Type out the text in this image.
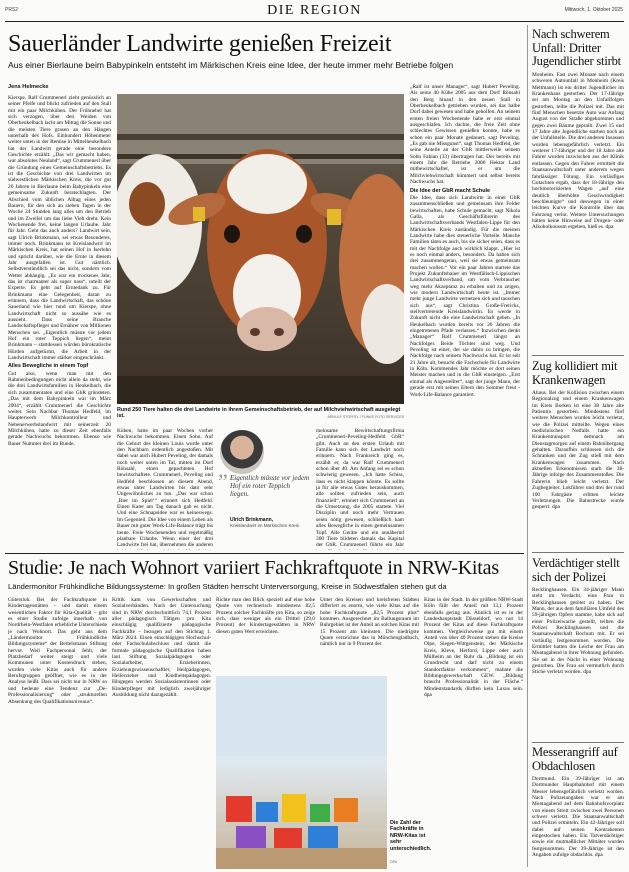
PRS2	DIE REGION	Mittwoch, 1. Oktober 2025
Sauerländer Landwirte genießen Freizeit
Aus einer Bierlaune beim Babypinkeln entsteht im Märkischen Kreis eine Idee, der heute immer mehr Betriebe folgen
Jens Helmecke

Kierspe. Ralf Crummenerl zieht genüsslich an seiner Pfeife und blickt zufrieden auf den Stall mit ein paar Milchkühen. Der Frühnebel hat sich verzogen, über den Weiden von Oberheukelbach lacht am Mittag die Sonne und die meisten Tiere grasen an den Hängen unterhalb des Hofs. Einhundert Höhenmeter weiter unten in der Remise in Mittelheukelbach hat der Landwirt gerade eine besondere Geschichte erzählt. „Das wir gemacht haben, war absolutes Neuland“, sagt Crummenerl über die Gründung eines Gemeinschaftsbetriebs. Es ist die Geschichte von drei Landwirten im südwestlichen Märkischen Kreis, die vor gut 20 Jahren in Bierlaune beim Babypinkeln eine gemeinsame Zukunft beratschlagten. Der Abschied vom üblichen Alltag eines jeden Bauern, für den sich an sieben Tagen in der Woche 24 Stunden lang alles um den Betrieb und im Zweifel um das liebe Vieh dreht. Kein Wochenende frei, keine langen Urlaube. Jahr für Jahr. Geht das auch anders? Landwirt sein, sagt Ulrich Brinkmann, sei etwas Besonderes, immer noch. Brinkmann ist Kreislandwirt im Märkischen Kreis, hat seinen Hof in Iserlohn und spricht darüber, wie die Ernte in diesem Jahr ausgefallen ist. Gut nämlich. Selbstverständlich sei das nicht, sondern vom Wetter abhängig. „Es war ein trockenes Jahr, das ist charmanter als super nass“, urteilt der Experte. Es geht auf Erntedank zu. Für Brinkmann eine Gelegenheit, daran zu erinnern, dass die Landwirtschaft, das schöne Sauerland wie hier rund um Kierspe, ohne Landwirtschaft nicht so aussähe wie es aussieht. Dass seine Branche Landschaftspfleger und Ernährer von Millionen Menschen sei. „Eigentlich müsste vor jedem Hof ein roter Teppich liegen“, meint Brinkmann – stattdessen würden bürokratische Hürden aufgetürmt, die Arbeit in der Landwirtschaft immer stärker eingeschränkt.

Alles Bewegliche in einem Topf

Gut also, wenn man mit den Rahmenbedingungen nicht allein da steht, wie die drei Landwirtsfamilien in Heukelbach, die sich zusammentaten und eine GbR gründeten. „Das mit dem Babypinkeln war im März 2004“, erzählt Crummenerl die Geschichte weiter. Sein Nachbar Thomas Hedfeld, im Haupterwerb Milchkontrolleur und Nebenerwerbslandwirt mit seinerzeit 20 Milchkühen, hatte zu dieser Zeit ebenfalls gerade Nachwuchs bekommen. Ebenso wie Bauer Nummer drei im Bunde.

Rund 250 Tiere halten die drei Landwirte in ihrem Gemeinschaftsbetrieb, der auf Milchviehwirtschaft ausgelegt ist.	ARNULF STOFFEL / FUNKE FOTO SERVICES

Kühen, hatte im paar Wochen vorher Nachwuchs bekommen. Einen Sohn. Auf die Geburt des kleinen Louis wurde unter den Nachbarn ordentlich angestoßen. Mit dabei war auch Hubert Peveling, der damals noch weiter unten im Tal, mitten im Dorf Rönsahl, einen gepachteten Hof bewirtschaftete. Crummenerl, Peveling und Hedfeld beschlossen an diesem Abend, etwas unter Landwirten bis dato sehr Ungewöhnliches zu tun. „Das war schon ‚Bier im Spiel‘“ erinnert sich Hedfeld. Einen Kater am Tag danach gab es nicht. Und eine Schnapsidee war es keineswegs. Im Gegenteil. Die Idee von einem Leben als Bauer mit guter Work-Life-Balance trägt bis heute. Freie Wochenenden und regelmäßig planbare Urlaube. Wenn einer der drei Landwirte frei hat, übernehmen die anderen

” Eigentlich müsste vor jedem Hof ein roter Teppich liegen.
Ulrich Brinkmann,
Kreislandwirt im Märkischen Kreis

meinsame Bewirtschaftungsfirma „Crummenerl-Peveling-Hedfeld GbR“ gibt. Auch an den ersten Urlaub mit Familie kann sich der Landwirt noch erinnern. Nach Frankreich ging es, erzählt er, da war Ralf Crummenerl schon über 40. Am Anfang sei es schon schwierig gewesen. „Ich hatte Schiss, dass es nicht klappen könnte. Es sollte ja für alle etwas Gutes herauskommen, alle sollten zufrieden sein, auch finanziell“, erinnert sich Crummenerl an die Umsetzung, die 2005 startete. Viel Disziplin und noch mehr Vertrauen seien nötig gewesen, schließlich kam alles Bewegliche in einen gemeinsamen Topf. Alle Geräte und ein annähernd 300 Tiere bildeten damals das Kapital der GbR. Crummenerl führte ein Jahr

„Ralf ist unser Manager“, sagt Hubert Peveling. Als seine 40 Kühe 2005 aus dem Dorf Rönsahl den Berg hinauf in den neuen Stall in Oberheukelbach getrieben wurden, sei das halbe Dorf dabei gewesen und habe geholfen. An seinem ersten freien Wochenende habe er erst einmal ausgeschlafen. Ich dachte, die freie Zeit ohne schlechtes Gewissen genießen konnte, habe es schon ein paar Monate gedauert, sagt Peveling. „Es gab nie Missgunst“, sagt Thomas Hedfeld, der seine Anteile an der GbR mittlerweile seinem Sohn Fabian (33) übertragen hat. Der bereits mit einem Jahr die Betriebe 2000 Hektar Land mitbewirtschaftet, ist er um die Milchviehwirtschaft kümmert und selbst bereits Nachwuchs hat.

Die Idee der GbR macht Schule

Die Idee, dass sich Landwirte in einer GbR zusammenschließen und gemeinsam ihre Felder bewirtschaften, habe Schule gemacht, sagt Nikola Galla, als Geschäftsführerin des Landwirtschaftsverbands Westfalen-Lippe für den Märkischen Kreis zuständig. Für die meisten Landwirte habe dies steuerliche Vorteile. Manche Familien täten es auch, bis sie sicher seien, dass es mit der Nachfolge auch wirklich klappt. „Hier ist es noch einmal anders, besonders. Da haben sich drei zusammengetan, weil sie etwas gemeinsam machen wollen.“ Vor ein paar Jahren startete das Projekt Zukunftsbauer im Westfälisch-Lippischen Landwirtschaftsverband, um vom Verbraucher weg mehr Akzeptanz zu erhalten und zu zeigen, wie modern Landwirtschaft heute ist. „Immer mehr junge Landwirte vernetzen sich und tauschen sich aus“, sagt Christina Große-Frericks, stellvertretende Kreislandwirtin. Es werde in Zukunft nicht die eine Landwirtschaft geben. „In Heukelbach wurden bereits vor 20 Jahren die eingetretenen Pfade verlassen.“ Inzwischen denkt „Manager“ Ralf Crummenerl längst an Nachfolger. Beide Töchter sind weg. Und Peveling ist einer, der sie dahin zu bringen, die Nachfolge nach seinem Nachwuchs hat. Er ist seit 21 Jahre alt, besucht die Fachschule für Landwirte in Köln. Kommendes Jahr möchte er dort seinen Meister machen und in die GbR einsteigen. „Erst einmal als Angestellter“, sagt der junge Mann, der gerade erst mit seinen Eltern den Sommer freut - Work-Life-Balance garantiert.

Nach schwerem Unfall: Dritter Jugendlicher stirbt
Monheim. Fast zwei Monate nach einem schweren Autounfall in Monheim (Kreis Mettmann) ist ein dritter Jugendlicher im Krankenhaus gestorben. Der 17-Jährige sei am Montag an den Unfallfolgen gestorben, teilte die Polizei mit. Das mit fünf Menschen besetzte Auto war Anfang August von der Straße abgekommen und gegen zwei Bäume geprallt. Zwei 15 und 17 Jahre alte Jugendliche starben noch an der Unfallstelle. Die drei anderen Insassen wurden lebensgefährlich verletzt. Ein weiterer 17-Jähriger und der 18 Jahre alte Fahrer wurden inzwischen aus der Klinik entlassen. Gegen den Fahrer ermittelt die Staatsanwaltschaft unter anderem wegen fahrlässiger Tötung. Ein vorläufiges Gutachten ergab, dass der 18-Jährige den hochmotorisierten Wagen „auf eine deutlich überhöhte Geschwindigkeit beschleunigte“ und deswegen in einer leichten Kurve die Kontrolle über das Fahrzeug verlor. Weitere Untersuchungen hätten keine Hinweise auf Drogen- oder Alkoholkonsum ergeben, hieß es. dpa
Zug kollidiert mit Krankenwagen
Ahaus. Bei der Kollision zwischen einem Regionalzug und einem Krankenwagen im Kreis Borken ist eine 38 Jahre alte Patientin gestorben. Mindestens fünf weitere Menschen wurden leicht verletzt, wie die Polizei mitteilte. Wegen eines medizinischen Notfalls hatte ein Krankentransport demnach am Dienstagmorgen auf einem Bahnübergang gehalten. Daraufhin schlossen sich die Schranken und der Zug stieß mit dem Krankenwagen zusammen. Nach aktuellen Erkenntnissen starb die 38-Jährige infolge des Zusammenstoßes. Die Fahrerin blieb leicht verletzt. Der Zugbegleiter, Lokführer und drei der rund 100 Fahrgäste erlitten leichte Verletzungen. Die Bahnstrecke wurde gesperrt. dpa
Verdächtiger stellt sich der Polizei
Recklinghausen. Ein 34-jähriger Mann steht im Verdacht, eine Frau in Recklinghausen getötet zu haben. Der Mann, der aus dem familiären Umfeld des 59-jährigen Opfers stamme, habe sich auf einer Polizeiwache gestellt, teilten die Polizei Recklinghausen und die Staatsanwaltschaft Bochum mit. Er sei vorläufig festgenommen worden. Die Ermittler hatten die Leiche der Frau am Montagabend in ihrer Wohnung gefunden. Sie sei in der Nacht in einer Wohnung gestorben. Die Frau sei vermutlich durch Stiche verletzt worden. dpa
Messerangriff auf Obdachlosen
Dortmund. Ein 39-Jähriger ist am Dortmunder Hauptbahnhof mit einem Messer lebensgefährlich verletzt worden. Nach Polizeiangaben war er am Montagabend auf dem Bahnhofsvorplatz von einem Streit zwischen zwei Personen schwer verletzt. Die Staatsanwaltschaft und Polizei ermitteln. Ein 42-Jähriger soll dabei auf seinen Kontrahenten eingestochen haben. Ein Tatverdächtiger sowie ein mutmaßlicher Mittäter wurden festgenommen. Der 39-Jährige ist den Angaben zufolge obdachlos. dpa
Studie: Je nach Wohnort variiert Fachkraftquote in NRW-Kitas
Ländermonitor Frühkindliche Bildungssysteme: In großen Städten herrscht Unterversorgung, Kreise in Südwestfalen stehen gut da
Gütersloh. Bei der Fachkraftquote in Kindertagesstätten – und damit einem wesentlichen Faktor für Kita-Qualität – gibt es einer Studie zufolge innerhalb von Nordrhein-Westfalen erhebliche Unterschiede je nach Wohnort. Das geht aus dem „Ländermonitor Frühkindliche Bildungssysteme“ der Bertelsmann Stiftung hervor. Weil Fachpersonal fehlt, der Platzbedarf weiter steigt und viele Kommunen unter Kostendruck stehen, wurden viele Kitas auch für andere Berufsgruppen geöffnet, wie es in der Analyse heißt. Dass sei nicht nur in NRW so und bedeute eine Tendenz zur „De-Professionalisierung“ oder „strukturellen Absenkung des Qualifikationsniveaus“.
Kritik kam von Gewerkschaften und Sozialverbänden. Nach der Untersuchung sind in NRW durchschnittlich 74,1 Prozent aller pädagogisch Tätigen pro Kita einschlägig qualifizierte pädagogische Fachkräfte – bezogen auf den Stichtag 1. März 2024. Einen einschlägigen Hochschul- oder Fachschulabschluss und damit die formale pädagogische Qualifikation haben laut Stiftung Sozialpädagogen oder Sozialarbeiter, Erzieherinnen, Erziehungswissenschaftler, Heilpädagogen, Heilerzieher und Kindheitspädagogen. Hingegen werden Sozialassistentinnen oder Kinderpfleger mit lediglich zweijähriger Ausbildung nicht dazugezählt.
Richte man den Blick speziell auf eine hohe Quote von rechnerisch mindestens 82,5 Prozent solcher Fachkräfte pro Kita, so zeige sich, dass weniger als ein Drittel (29,0 Prozent) der Kindertagesstätten in NRW diesen guten Wert erreichten.
Unter den Kreisen und kreisfreien Städten differiert es enorm, wie viele Kitas auf die hohe Fachkraftquote „82,5 Prozent plus“ kommen. Ausgerechnet im Ballungsraum im Ruhrgebiet ist der Anteil an solchen Kitas mit 15 Prozent am kleinsten. Die niedrigste Quote verzeichne das in Mönchengladbach, nämlich nur in 9 Prozent der
Kitas in der Stadt. In der größten NRW-Stadt Köln fällt der Anteil mit 13,1 Prozent ebenfalls gering aus. Ähnlich ist es in der Landeshauptstadt Düsseldorf, wo nur 14 Prozent der Kitas auf diese Fachkraftquote kommen. Vergleichsweise gut mit einem Anteil von über 40 Prozent stehen die Kreise Olpe, Siegen-Wittgenstein, der Märkische Kreis, Kleve, Herford, Lippe oder auch Mülheim an der Ruhr da. „Bildung ist ein Grundrecht und darf nicht zu einem Standortfaktor verkommen“, mahnte die Bildungsgewerkschaft GEW. „Bildung braucht Professionalität in der Fläche.“ Mindeststandards dürften kein Luxus sein. dpa
Die Zahl der Fachkräfte in NRW-Kitas ist sehr unterschiedlich.
DPA
